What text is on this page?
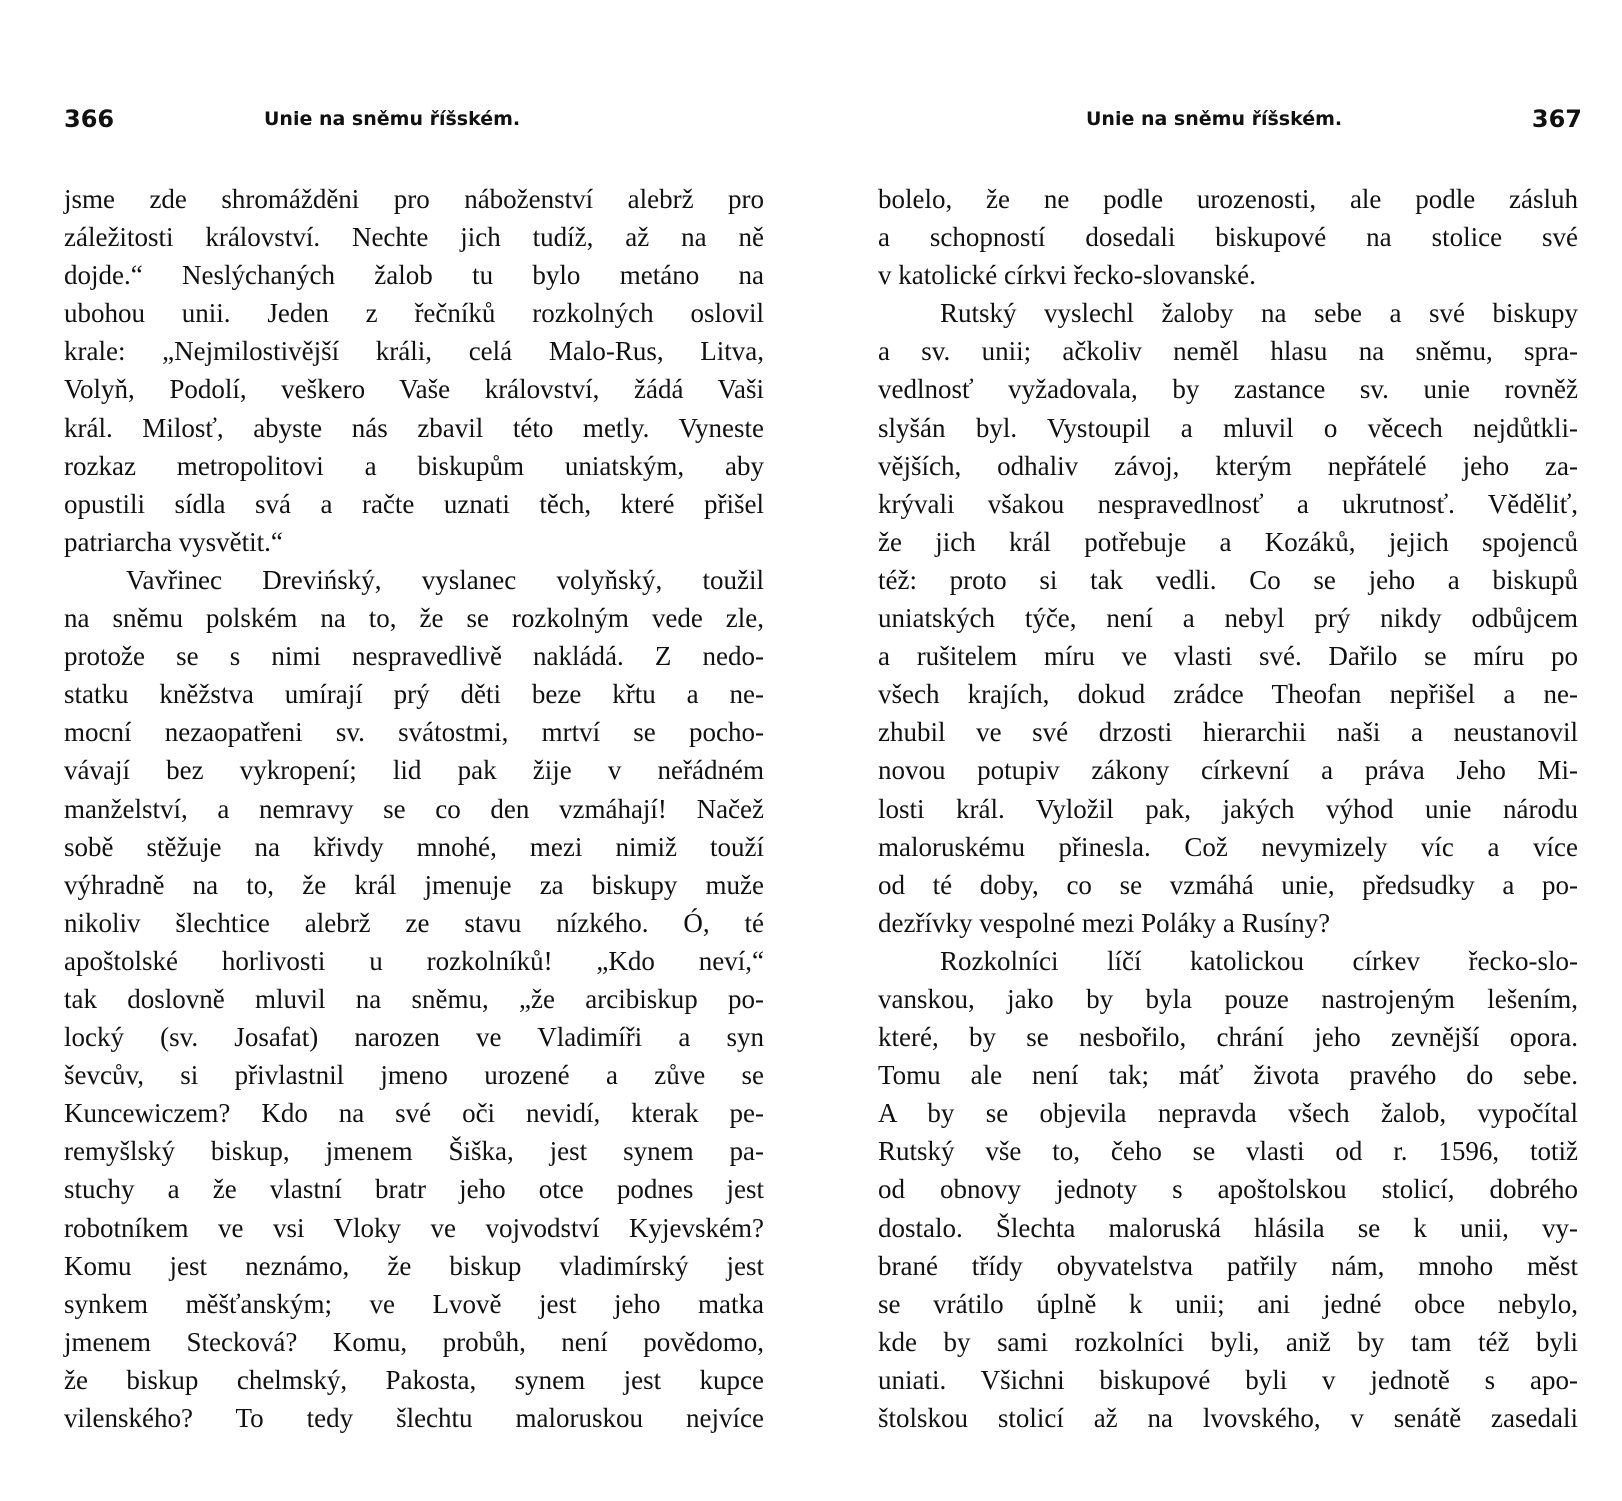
366	Unie na sněmu říšském.
jsme zde shromážděni pro náboženství alebrž pro
záležitosti království. Nechte jich tudíž, až na ně
dojde.“ Neslýchaných žalob tu bylo metáno na
ubohou unii. Jeden z řečníků rozkolných oslovil
krale: „Nejmilostivější králi, celá Malo-Rus, Litva,
Volyň, Podolí, veškero Vaše království, žádá Vaši
král. Milosť, abyste nás zbavil této metly. Vyneste
rozkaz metropolitovi a biskupům uniatským, aby
opustili sídla svá a račte uznati těch, které přišel
patriarcha vysvětit.“
Vavřinec Drevińský, vyslanec volyňský, toužil
na sněmu polském na to, že se rozkolným vede zle,
protože se s nimi nespravedlivě nakládá. Z nedo-
statku kněžstva umírají prý děti beze křtu a ne-
mocní nezaopatřeni sv. svátostmi, mrtví se pocho-
vávají bez vykropení; lid pak žije v neřádném
manželství, a nemravy se co den vzmáhají! Načež
sobě stěžuje na křivdy mnohé, mezi nimiž touží
výhradně na to, že král jmenuje za biskupy muže
nikoliv šlechtice alebrž ze stavu nízkého. Ó, té
apoštolské horlivosti u rozkolníků! „Kdo neví,“
tak doslovně mluvil na sněmu, „že arcibiskup po-
locký (sv. Josafat) narozen ve Vladimíři a syn
ševcův, si přivlastnil jmeno urozené a zůve se
Kuncewiczem? Kdo na své oči nevidí, kterak pe-
remyšlský biskup, jmenem Šiška, jest synem pa-
stuchy a že vlastní bratr jeho otce podnes jest
robotníkem ve vsi Vloky ve vojvodství Kyjevském?
Komu jest neznámo, že biskup vladimírský jest
synkem měšťanským; ve Lvově jest jeho matka
jmenem Stecková? Komu, probůh, není povědomo,
že biskup chelmský, Pakosta, synem jest kupce
vilenského? To tedy šlechtu maloruskou nejvíce
Unie na sněmu říšském.	367
bolelo, že ne podle urozenosti, ale podle zásluh
a schopností dosedali biskupové na stolice své
v katolické církvi řecko-slovanské.
Rutský vyslechl žaloby na sebe a své biskupy
a sv. unii; ačkoliv neměl hlasu na sněmu, spra-
vedlnosť vyžadovala, by zastance sv. unie rovněž
slyšán byl. Vystoupil a mluvil o věcech nejdůtkli-
vějších, odhaliv závoj, kterým nepřátelé jeho za-
krývali všakou nespravedlnosť a ukrutnosť. Věděliť,
že jich král potřebuje a Kozáků, jejich spojenců
též: proto si tak vedli. Co se jeho a biskupů
uniatských týče, není a nebyl prý nikdy odbůjcem
a rušitelem míru ve vlasti své. Dařilo se míru po
všech krajích, dokud zrádce Theofan nepřišel a ne-
zhubil ve své drzosti hierarchii naši a neustanovil
novou potupiv zákony církevní a práva Jeho Mi-
losti král. Vyložil pak, jakých výhod unie národu
maloruskému přinesla. Což nevymizely víc a více
od té doby, co se vzmáhá unie, předsudky a po-
dezřívky vespolné mezi Poláky a Rusíny?
Rozkolníci líčí katolickou církev řecko-slo-
vanskou, jako by byla pouze nastrojeným lešením,
které, by se nesbořilo, chrání jeho zevnější opora.
Tomu ale není tak; máť života pravého do sebe.
A by se objevila nepravda všech žalob, vypočítal
Rutský vše to, čeho se vlasti od r. 1596, totiž
od obnovy jednoty s apoštolskou stolicí, dobrého
dostalo. Šlechta maloruská hlásila se k unii, vy-
brané třídy obyvatelstva patřily nám, mnoho měst
se vrátilo úplně k unii; ani jedné obce nebylo,
kde by sami rozkolníci byli, aniž by tam též byli
uniati. Všichni biskupové byli v jednotě s apo-
štolskou stolicí až na lvovského, v senátě zasedali
